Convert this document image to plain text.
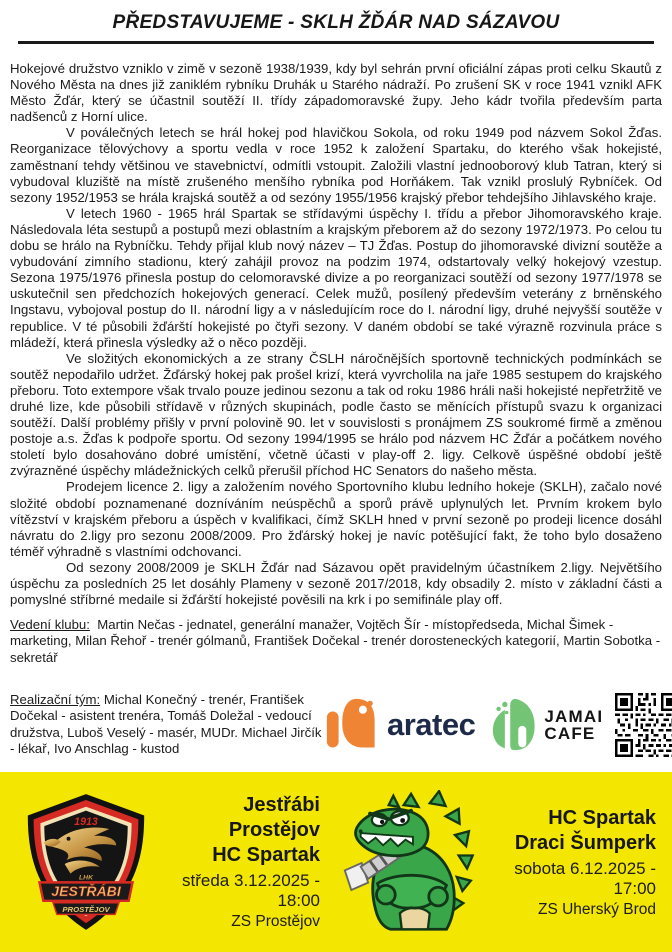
PŘEDSTAVUJEME - SKLH ŽĎÁR NAD SÁZAVOU

Hokejové družstvo vzniklo v zimě v sezoně 1938/1939, kdy byl sehrán první oficiální zápas proti celku Skautů z Nového Města na dnes již zaniklém rybníku Druhák u Starého nádraží. Po zrušení SK v roce 1941 vznikl AFK Město Žďár, který se účastnil soutěží II. třídy západomoravské župy. Jeho kádr tvořila především parta nadšenců z Horní ulice.

V poválečných letech se hrál hokej pod hlavičkou Sokola, od roku 1949 pod názvem Sokol Žďas. Reorganizace tělovýchovy a sportu vedla v roce 1952 k založení Spartaku, do kterého však hokejisté, zaměstnaní tehdy většinou ve stavebnictví, odmítli vstoupit. Založili vlastní jednooborový klub Tatran, který si vybudoval kluziště na místě zrušeného menšího rybníka pod Horňákem. Tak vznikl proslulý Rybníček. Od sezony 1952/1953 se hrála krajská soutěž a od sezóny 1955/1956 krajský přebor tehdejšího Jihlavského kraje.

V letech 1960 - 1965 hrál Spartak se střídavými úspěchy I. třídu a přebor Jihomoravského kraje. Následovala léta sestupů a postupů mezi oblastním a krajským přeborem až do sezony 1972/1973. Po celou tu dobu se hrálo na Rybníčku. Tehdy přijal klub nový název – TJ Žďas. Postup do jihomoravské divizní soutěže a vybudování zimního stadionu, který zahájil provoz na podzim 1974, odstartovaly velký hokejový vzestup. Sezona 1975/1976 přinesla postup do celomoravské divize a po reorganizaci soutěží od sezony 1977/1978 se uskutečnil sen předchozích hokejových generací. Celek mužů, posílený především veterány z brněnského Ingstavu, vybojoval postup do II. národní ligy a v následujícím roce do I. národní ligy, druhé nejvyšší soutěže v republice. V té působili žďárští hokejisté po čtyři sezony. V daném období se také výrazně rozvinula práce s mládeží, která přinesla výsledky až o něco později.

Ve složitých ekonomických a ze strany ČSLH náročnějších sportovně technických podmínkách se soutěž nepodařilo udržet. Žďárský hokej pak prošel krizí, která vyvrcholila na jaře 1985 sestupem do krajského přeboru. Toto extempore však trvalo pouze jedinou sezonu a tak od roku 1986 hráli naši hokejisté nepřetržitě ve druhé lize, kde působili střídavě v různých skupinách, podle často se měnících přístupů svazu k organizaci soutěží. Další problémy přišly v první polovině 90. let v souvislosti s pronájmem ZS soukromé firmě a změnou postoje a.s. Žďas k podpoře sportu. Od sezony 1994/1995 se hrálo pod názvem HC Žďár a počátkem nového století bylo dosahováno dobré umístění, včetně účasti v play-off 2. ligy. Celkově úspěšné období ještě zvýrazněné úspěchy mládežnických celků přerušil příchod HC Senators do našeho města.

Prodejem licence 2. ligy a založením nového Sportovního klubu ledního hokeje (SKLH), začalo nové složité období poznamenané dozníváním neúspěchů a sporů právě uplynulých let. Prvním krokem bylo vítězství v krajském přeboru a úspěch v kvalifikaci, čímž SKLH hned v první sezoně po prodeji licence dosáhl návratu do 2.ligy pro sezonu 2008/2009. Pro žďárský hokej je navíc potěšující fakt, že toho bylo dosaženo téměř výhradně s vlastními odchovanci.

Od sezony 2008/2009 je SKLH Žďár nad Sázavou opět pravidelným účastníkem 2.ligy. Největšího úspěchu za posledních 25 let dosáhly Plameny v sezoně 2017/2018, kdy obsadily 2. místo v základní části a pomyslné stříbrné medaile si žďárští hokejisté pověsili na krk i po semifinále play off.

Vedení klubu: Martin Nečas - jednatel, generální manažer, Vojtěch Šír - místopředseda, Michal Šimek - marketing, Milan Řehoř - trenér gólmanů, František Dočekal - trenér dorosteneckých kategorií, Martin Sobotka - sekretář

Realizační tým: Michal Konečný - trenér, František Dočekal - asistent trenéra, Tomáš Doležal - vedoucí družstva, Luboš Veselý - masér, MUDr. Michael Jirčík - lékař, Ivo Anschlag - kustod

aratec	JAMAI
CAFE
1913
LHK
JESTŘÁBI
PROSTĚJOV
Jestřábi Prostějov
HC Spartak
středa 3.12.2025 - 18:00
ZS Prostějov
HC Spartak
Draci Šumperk
sobota 6.12.2025 - 17:00
ZS Uherský Brod
